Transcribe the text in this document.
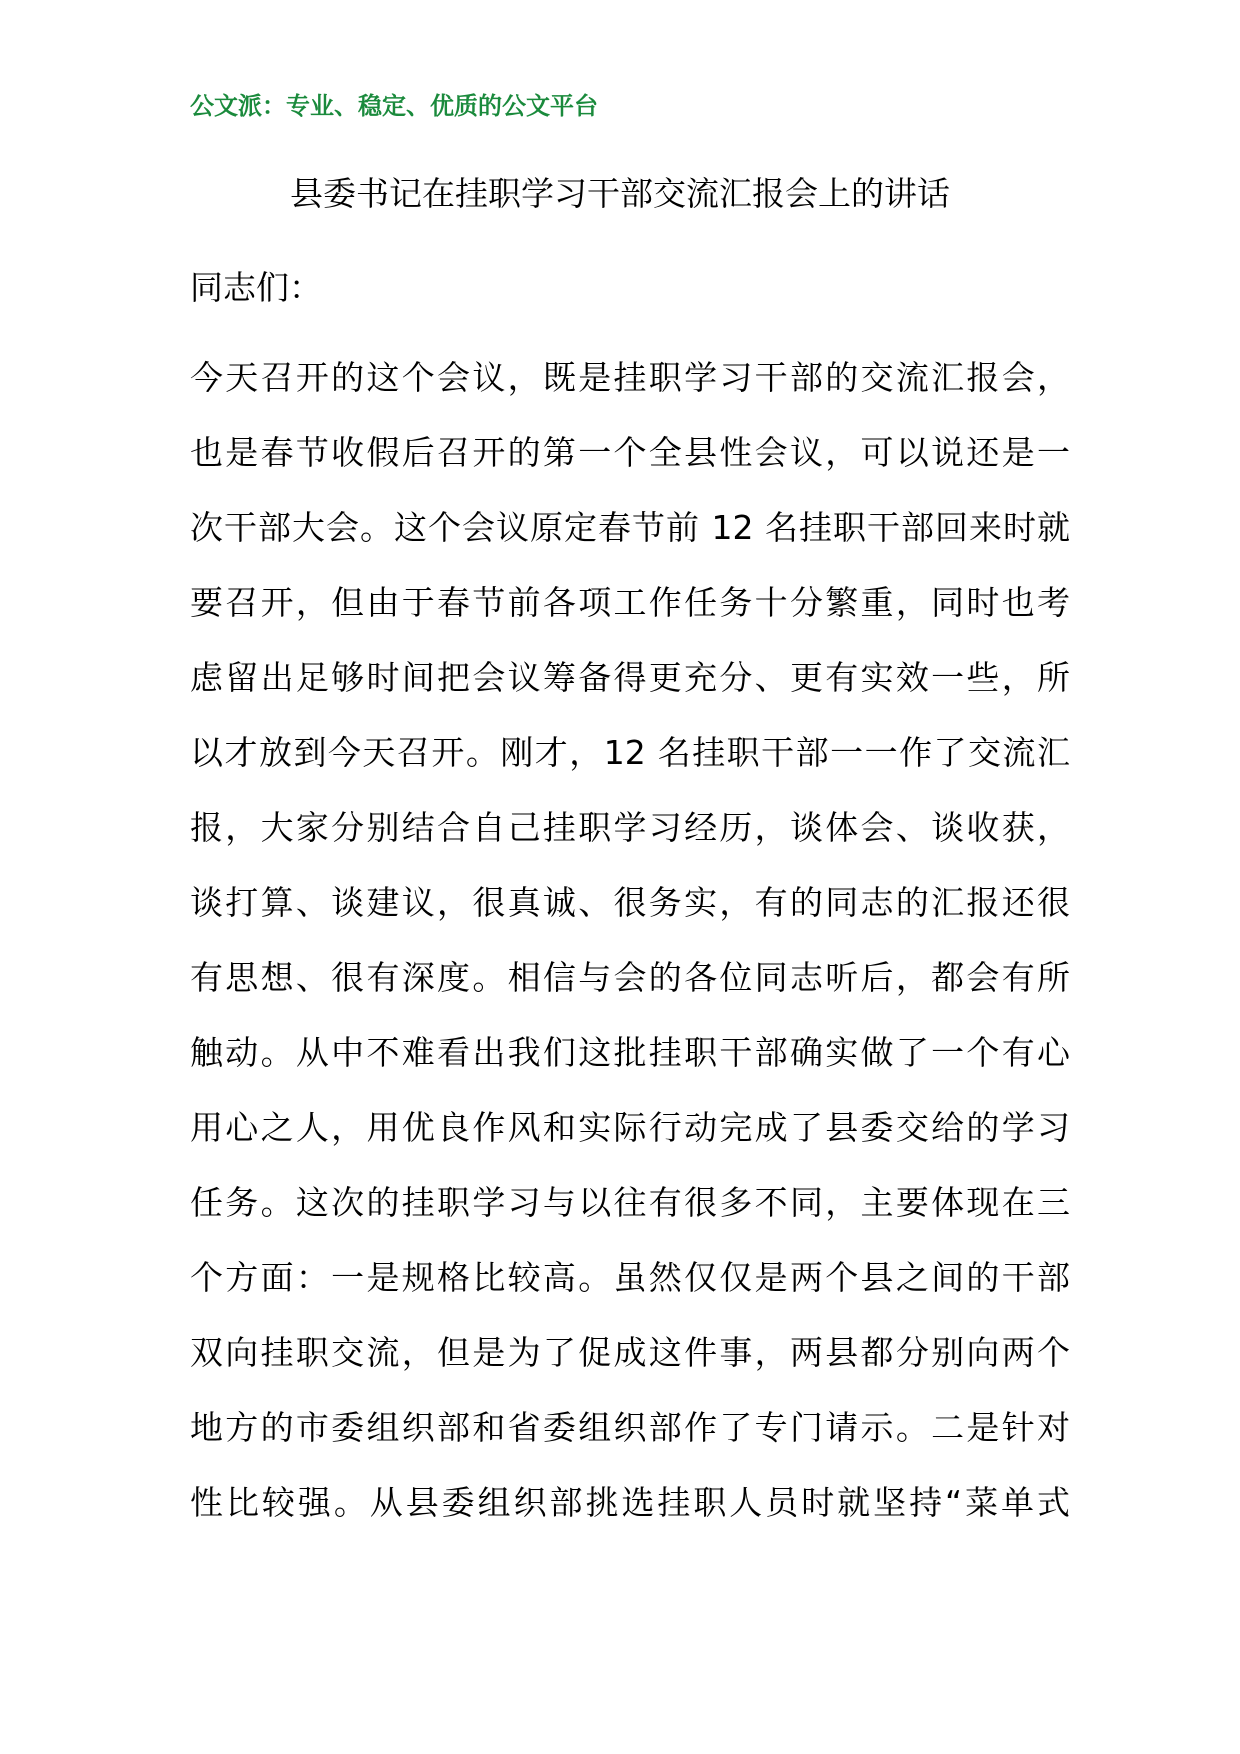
公文派：专业、稳定、优质的公文平台
县委书记在挂职学习干部交流汇报会上的讲话
同志们：
今天召开的这个会议，既是挂职学习干部的交流汇报会，
也是春节收假后召开的第一个全县性会议，可以说还是一
次干部大会。这个会议原定春节前 12 名挂职干部回来时就
要召开，但由于春节前各项工作任务十分繁重，同时也考
虑留出足够时间把会议筹备得更充分、更有实效一些，所
以才放到今天召开。刚才，12 名挂职干部一一作了交流汇
报，大家分别结合自己挂职学习经历，谈体会、谈收获，
谈打算、谈建议，很真诚、很务实，有的同志的汇报还很
有思想、很有深度。相信与会的各位同志听后，都会有所
触动。从中不难看出我们这批挂职干部确实做了一个有心
用心之人，用优良作风和实际行动完成了县委交给的学习
任务。这次的挂职学习与以往有很多不同，主要体现在三
个方面：一是规格比较高。虽然仅仅是两个县之间的干部
双向挂职交流，但是为了促成这件事，两县都分别向两个
地方的市委组织部和省委组织部作了专门请示。二是针对
性比较强。从县委组织部挑选挂职人员时就坚持“菜单式
